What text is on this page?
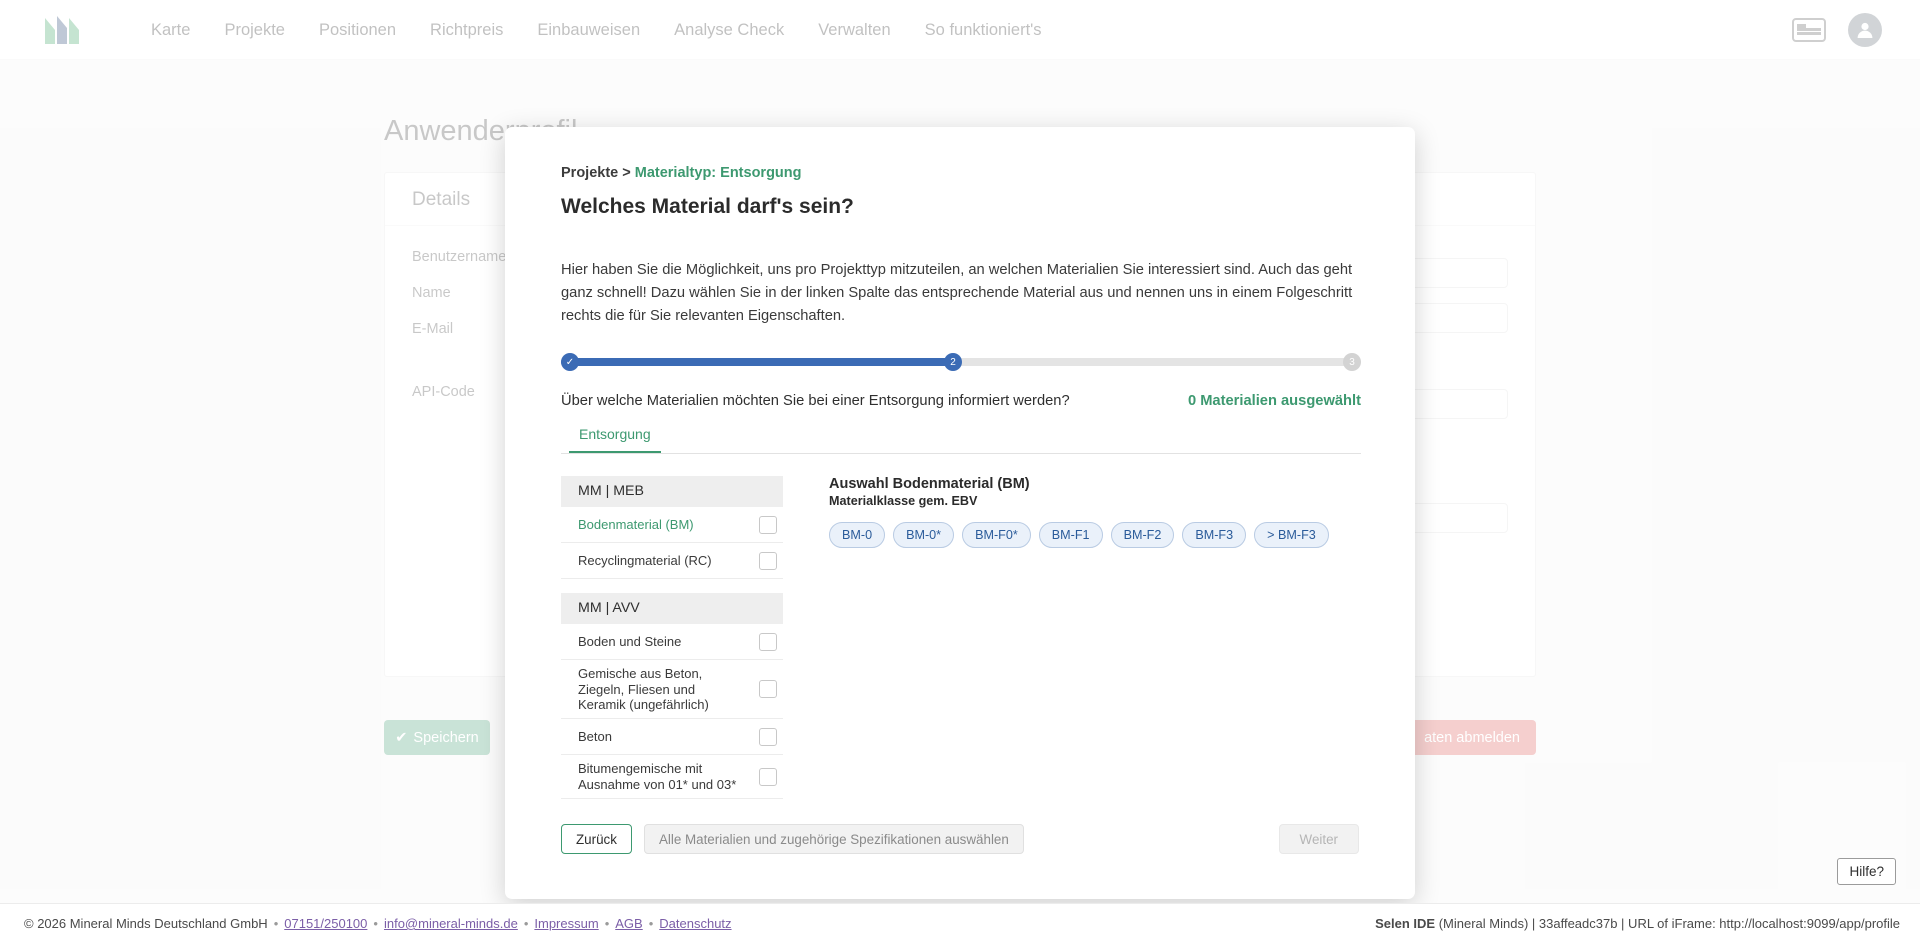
Projekte > Materialtyp: Entsorgung
Welches Material darf's sein?
Hier haben Sie die Möglichkeit, uns pro Projekttyp mitzuteilen, an welchen Materialien Sie interessiert sind. Auch das geht ganz schnell! Dazu wählen Sie in der linken Spalte das entsprechende Material aus und nennen uns in einem Folgeschritt rechts die für Sie relevanten Eigenschaften.
✓	2	3
Über welche Materialien möchten Sie bei einer Entsorgung informiert werden?	0 Materialien ausgewählt
Entsorgung
MM | MEB
Bodenmaterial (BM)
Recyclingmaterial (RC)
MM | AVV
Boden und Steine
Gemische aus Beton, Ziegeln, Fliesen und Keramik (ungefährlich)
Beton
Bitumengemische mit Ausnahme von 01* und 03*
Auswahl Bodenmaterial (BM)
Materialklasse gem. EBV
BM-0	BM-0*	BM-F0*	BM-F1	BM-F2	BM-F3	> BM-F3
Zurück	Alle Materialien und zugehörige Spezifikationen auswählen	Weiter
Hilfe?
© 2026 Mineral Minds Deutschland GmbH • 07151/250100 • info@mineral-minds.de • Impressum • AGB • Datenschutz	Selen IDE (Mineral Minds) | 33affeadc37b | URL of iFrame: http://localhost:9099/app/profile
